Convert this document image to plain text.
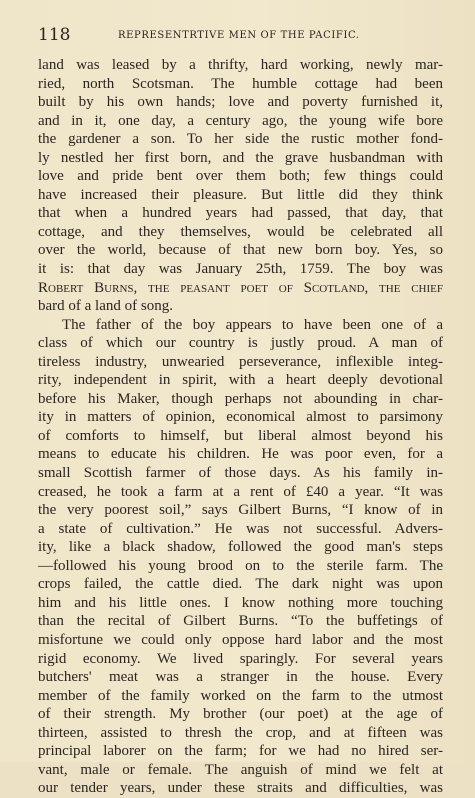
118	REPRESENTRTIVE MEN OF THE PACIFIC.
land was leased by a thrifty, hard working, newly mar-
ried, north Scotsman. The humble cottage had been
built by his own hands; love and poverty furnished it,
and in it, one day, a century ago, the young wife bore
the gardener a son. To her side the rustic mother fond-
ly nestled her first born, and the grave husbandman with
love and pride bent over them both; few things could
have increased their pleasure. But little did they think
that when a hundred years had passed, that day, that
cottage, and they themselves, would be celebrated all
over the world, because of that new born boy. Yes, so
it is: that day was January 25th, 1759. The boy was
Robert Burns, the peasant poet of Scotland, the chief
bard of a land of song.
The father of the boy appears to have been one of a
class of which our country is justly proud. A man of
tireless industry, unwearied perseverance, inflexible integ-
rity, independent in spirit, with a heart deeply devotional
before his Maker, though perhaps not abounding in char-
ity in matters of opinion, economical almost to parsimony
of comforts to himself, but liberal almost beyond his
means to educate his children. He was poor even, for a
small Scottish farmer of those days. As his family in-
creased, he took a farm at a rent of £40 a year. “It was
the very poorest soil,” says Gilbert Burns, “I know of in
a state of cultivation.” He was not successful. Advers-
ity, like a black shadow, followed the good man's steps
—followed his young brood on to the sterile farm. The
crops failed, the cattle died. The dark night was upon
him and his little ones. I know nothing more touching
than the recital of Gilbert Burns. “To the buffetings of
misfortune we could only oppose hard labor and the most
rigid economy. We lived sparingly. For several years
butchers' meat was a stranger in the house. Every
member of the family worked on the farm to the utmost
of their strength. My brother (our poet) at the age of
thirteen, assisted to thresh the crop, and at fifteen was
principal laborer on the farm; for we had no hired ser-
vant, male or female. The anguish of mind we felt at
our tender years, under these straits and difficulties, was
